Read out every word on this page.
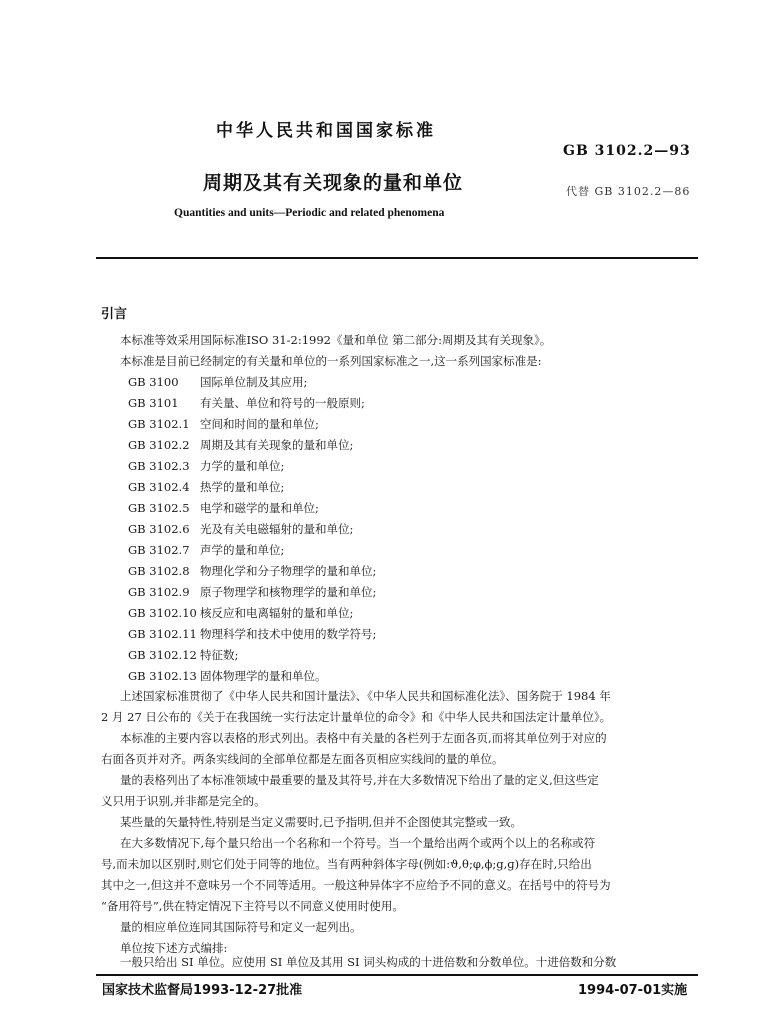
中华人民共和国国家标准
GB 3102.2—93
周期及其有关现象的量和单位	代替 GB 3102.2—86
Quantities and units—Periodic and related phenomena
引言
本标准等效采用国际标准ISO 31-2:1992《量和单位 第二部分:周期及其有关现象》。
本标准是目前已经制定的有关量和单位的一系列国家标准之一,这一系列国家标准是:
GB 3100 国际单位制及其应用;
GB 3101 有关量、单位和符号的一般原则;
GB 3102.1 空间和时间的量和单位;
GB 3102.2 周期及其有关现象的量和单位;
GB 3102.3 力学的量和单位;
GB 3102.4 热学的量和单位;
GB 3102.5 电学和磁学的量和单位;
GB 3102.6 光及有关电磁辐射的量和单位;
GB 3102.7 声学的量和单位;
GB 3102.8 物理化学和分子物理学的量和单位;
GB 3102.9 原子物理学和核物理学的量和单位;
GB 3102.10 核反应和电离辐射的量和单位;
GB 3102.11 物理科学和技术中使用的数学符号;
GB 3102.12 特征数;
GB 3102.13 固体物理学的量和单位。
上述国家标准贯彻了《中华人民共和国计量法》、《中华人民共和国标准化法》、国务院于 1984 年
2 月 27 日公布的《关于在我国统一实行法定计量单位的命令》和《中华人民共和国法定计量单位》。
本标准的主要内容以表格的形式列出。表格中有关量的各栏列于左面各页,而将其单位列于对应的
右面各页并对齐。两条实线间的全部单位都是左面各页相应实线间的量的单位。
量的表格列出了本标准领域中最重要的量及其符号,并在大多数情况下给出了量的定义,但这些定
义只用于识别,并非都是完全的。
某些量的矢量特性,特别是当定义需要时,已予指明,但并不企图使其完整或一致。
在大多数情况下,每个量只给出一个名称和一个符号。当一个量给出两个或两个以上的名称或符
号,而未加以区别时,则它们处于同等的地位。当有两种斜体字母(例如:ϑ,θ;φ,ϕ;g,ɡ)存在时,只给出
其中之一,但这并不意味另一个不同等适用。一般这种异体字不应给予不同的意义。在括号中的符号为
“备用符号”,供在特定情况下主符号以不同意义使用时使用。
量的相应单位连同其国际符号和定义一起列出。
单位按下述方式编排:
一般只给出 SI 单位。应使用 SI 单位及其用 SI 词头构成的十进倍数和分数单位。十进倍数和分数
国家技术监督局1993-12-27批准	1994-07-01实施
